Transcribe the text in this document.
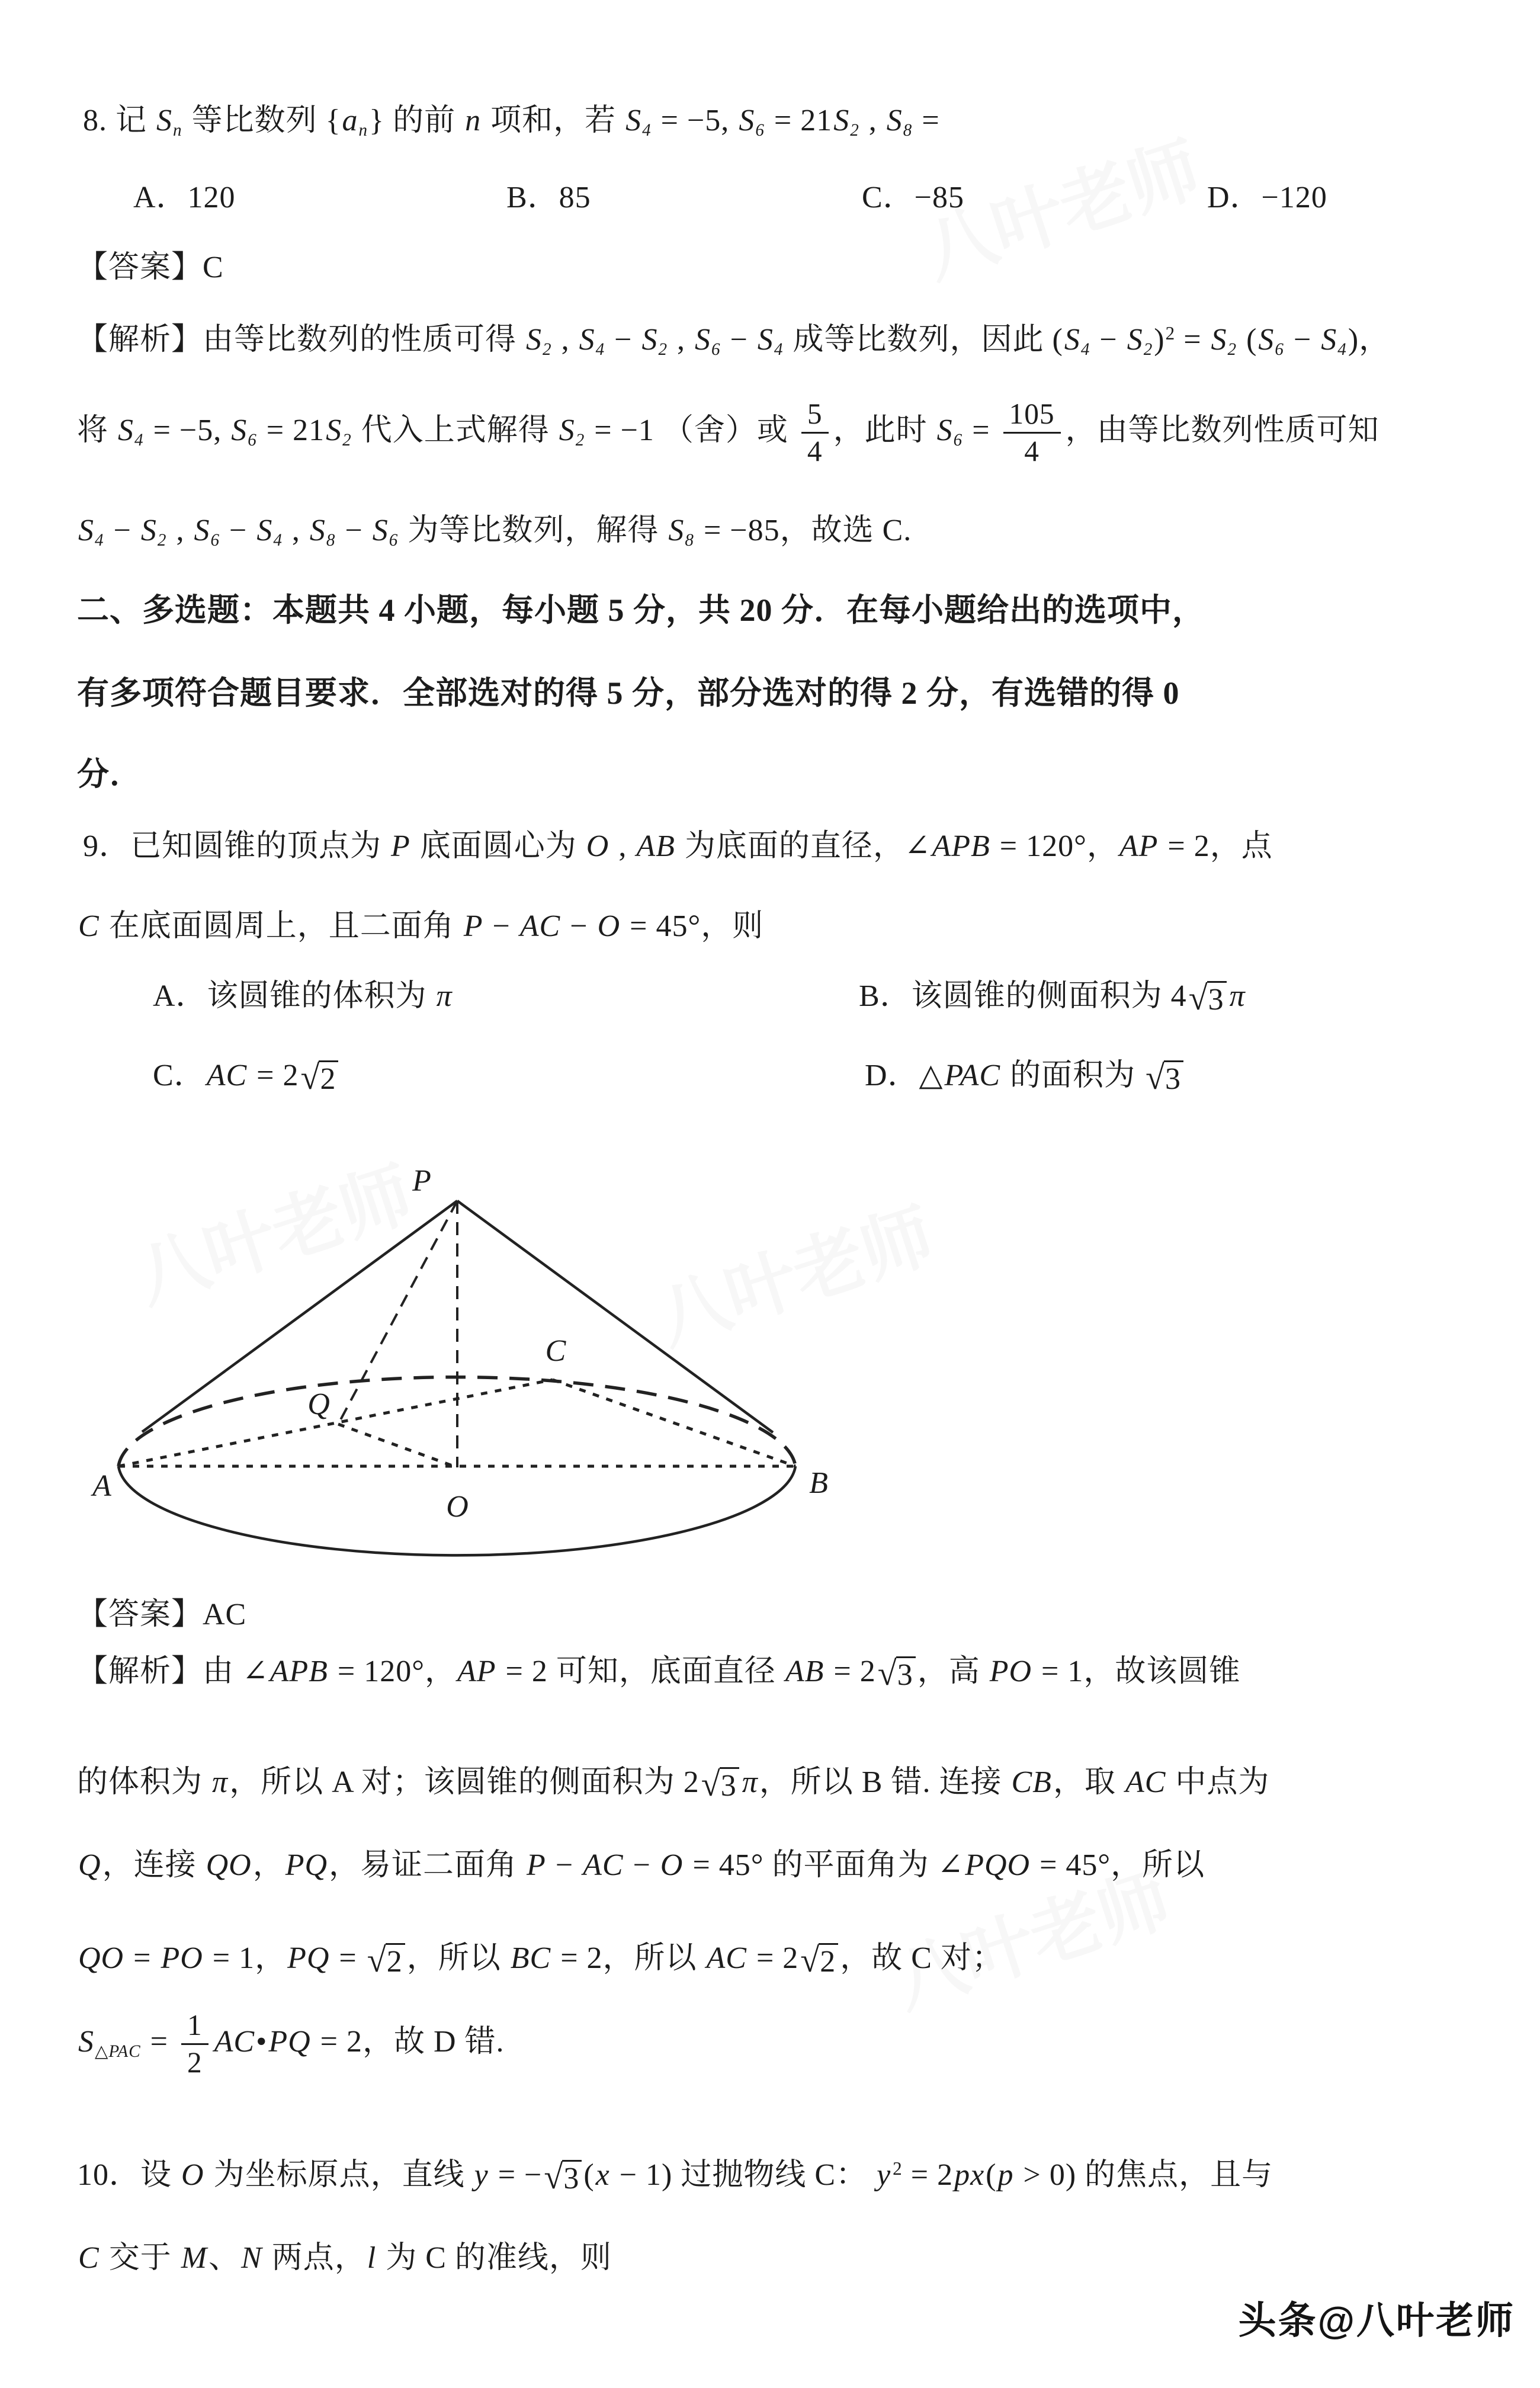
8. 记 Sn 等比数列 {an} 的前 n 项和，若 S4 = −5, S6 = 21S2 , S8 =
A．120	B．85	C．−85	D．−120
【答案】C
【解析】由等比数列的性质可得 S2 , S4 − S2 , S6 − S4 成等比数列，因此 $(S4 - S2)^2 = S2$ (S6 − S4)，
将 S4 = −5, S6 = 21S2 代入上式解得 S2 = −1 （舍）或 $\frac{5}{4}$ ，此时 $S6 = \frac{105}{4}$ ，由等比数列性质可知
S4 − S2 , S6 − S4 , S8 − S6 为等比数列，解得 S8 = −85，故选 C.
二、多选题：本题共 4 小题，每小题 5 分，共 20 分．在每小题给出的选项中，
有多项符合题目要求．全部选对的得 5 分，部分选对的得 2 分，有选错的得 0
分．
9．已知圆锥的顶点为 P 底面圆心为 O , AB 为底面的直径，∠APB = 120°，AP = 2，点
C 在底面圆周上，且二面角 P − AC − O = 45°，则
A．该圆锥的体积为 π	B．该圆锥的侧面积为 4 √ 3 π
C．AC = 2 √ 2	D．△PAC 的面积为 √ 3
P
A	B
C
O
Q
【答案】AC
【解析】由 ∠APB = 120°，AP = 2 可知，底面直径 AB = 2 √ 3 ，高 PO = 1，故该圆锥
的体积为 π，所以 A 对；该圆锥的侧面积为 2 √ 3 π，所以 B 错. 连接 CB，取 AC 中点为
Q，连接 QO，PQ，易证二面角 P − AC − O = 45° 的平面角为 ∠PQO = 45°，所以
QO = PO = 1，PQ = √ 2 ，所以 BC = 2，所以 AC = 2 √ 2 ，故 C 对；
S△PAC = $\frac{1}{2}$ AC•PQ = 2，故 D 错.
10．设 O 为坐标原点，直线 y = − √ 3 (x − 1) 过抛物线 C： $y^2 = 2px(p > 0)$ 的焦点，且与
C 交于 M、N 两点，l 为 C 的准线，则
头条@八叶老师
